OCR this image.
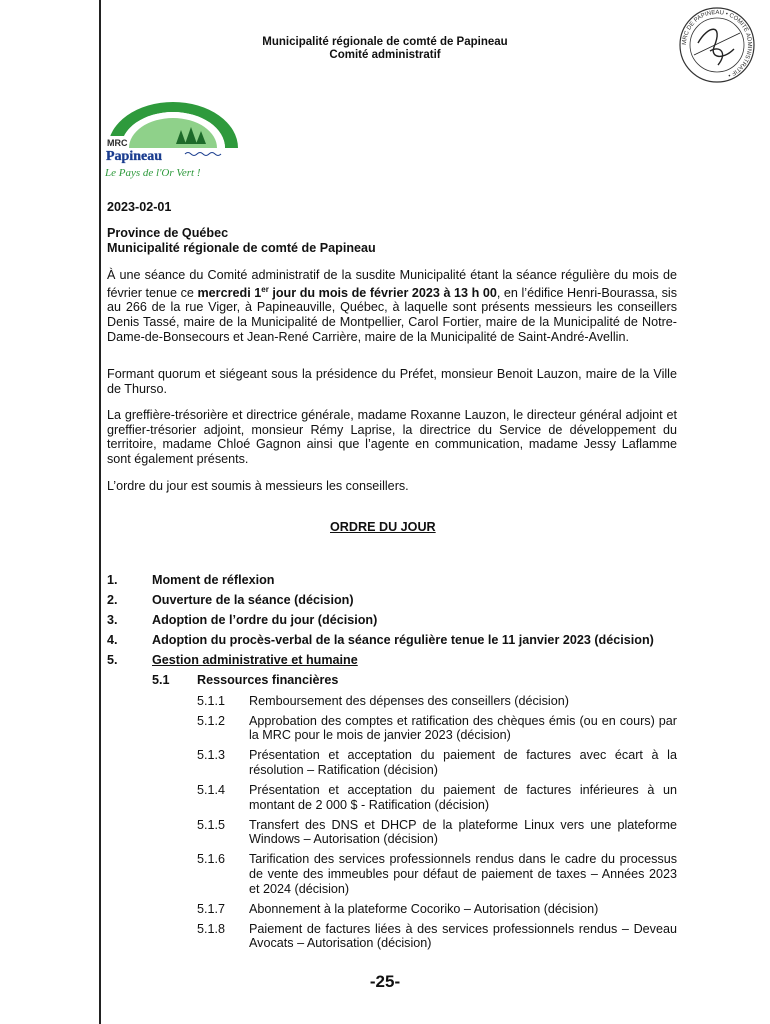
Municipalité régionale de comté de Papineau
Comité administratif
MRC DE PAPINEAU • COMITÉ ADMINISTRATIF •
MRC
Papineau
Le Pays de l'Or Vert !
2023-02-01
Province de Québec
Municipalité régionale de comté de Papineau
À une séance du Comité administratif de la susdite Municipalité étant la séance régulière du mois de février tenue ce mercredi 1er jour du mois de février 2023 à 13 h 00, en l’édifice Henri-Bourassa, sis au 266 de la rue Viger, à Papineauville, Québec, à laquelle sont présents messieurs les conseillers Denis Tassé, maire de la Municipalité de Montpellier, Carol Fortier, maire de la Municipalité de Notre-Dame-de-Bonsecours et Jean-René Carrière, maire de la Municipalité de Saint-André-Avellin.
Formant quorum et siégeant sous la présidence du Préfet, monsieur Benoit Lauzon, maire de la Ville de Thurso.
La greffière-trésorière et directrice générale, madame Roxanne Lauzon, le directeur général adjoint et greffier-trésorier adjoint, monsieur Rémy Laprise, la directrice du Service de développement du territoire, madame Chloé Gagnon ainsi que l’agente en communication, madame Jessy Laflamme sont également présents.
L’ordre du jour est soumis à messieurs les conseillers.
ORDRE DU JOUR
1.	Moment de réflexion
2.	Ouverture de la séance (décision)
3.	Adoption de l’ordre du jour (décision)
4.	Adoption du procès-verbal de la séance régulière tenue le 11 janvier 2023 (décision)
5.	Gestion administrative et humaine
5.1	Ressources financières
5.1.1	Remboursement des dépenses des conseillers (décision)
5.1.2	Approbation des comptes et ratification des chèques émis (ou en cours) par la MRC pour le mois de janvier 2023 (décision)
5.1.3	Présentation et acceptation du paiement de factures avec écart à la résolution – Ratification (décision)
5.1.4	Présentation et acceptation du paiement de factures inférieures à un montant de 2 000 $ - Ratification (décision)
5.1.5	Transfert des DNS et DHCP de la plateforme Linux vers une plateforme Windows – Autorisation (décision)
5.1.6	Tarification des services professionnels rendus dans le cadre du processus de vente des immeubles pour défaut de paiement de taxes – Années 2023 et 2024 (décision)
5.1.7	Abonnement à la plateforme Cocoriko – Autorisation (décision)
5.1.8	Paiement de factures liées à des services professionnels rendus – Deveau Avocats – Autorisation (décision)
-25-
